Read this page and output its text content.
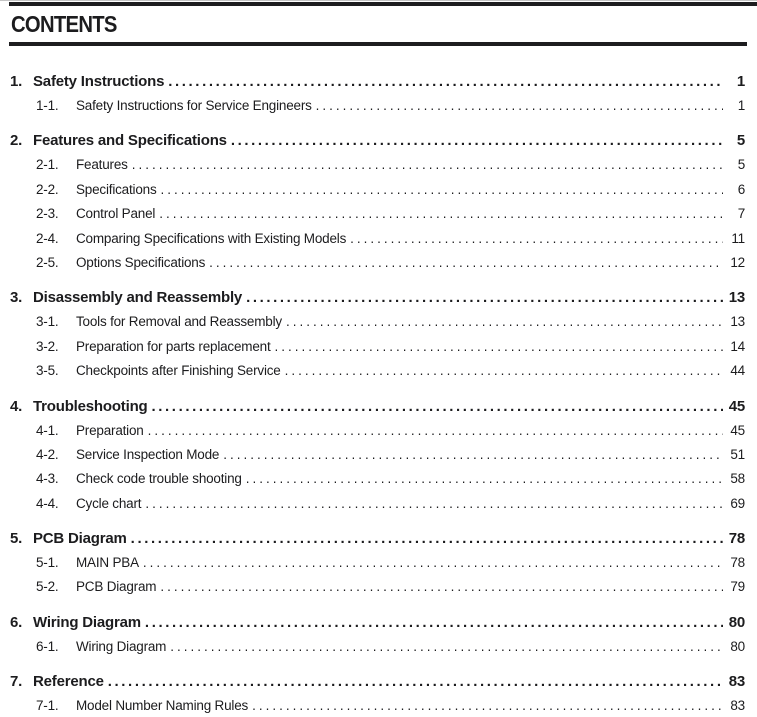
CONTENTS
1. Safety Instructions .....	1
1-1.	Safety Instructions for Service Engineers .....	1
2. Features and Specifications .....	5
2-1.	Features .....	5
2-2.	Specifications .....	6
2-3.	Control Panel .....	7
2-4.	Comparing Specifications with Existing Models .....	11
2-5.	Options Specifications .....	12
3. Disassembly and Reassembly .....	13
3-1.	Tools for Removal and Reassembly .....	13
3-2.	Preparation for parts replacement .....	14
3-5.	Checkpoints after Finishing Service .....	44
4. Troubleshooting .....	45
4-1.	Preparation .....	45
4-2.	Service Inspection Mode .....	51
4-3.	Check code trouble shooting .....	58
4-4.	Cycle chart .....	69
5. PCB Diagram .....	78
5-1.	MAIN PBA .....	78
5-2.	PCB Diagram .....	79
6. Wiring Diagram .....	80
6-1.	Wiring Diagram .....	80
7. Reference .....	83
7-1.	Model Number Naming Rules .....	83
